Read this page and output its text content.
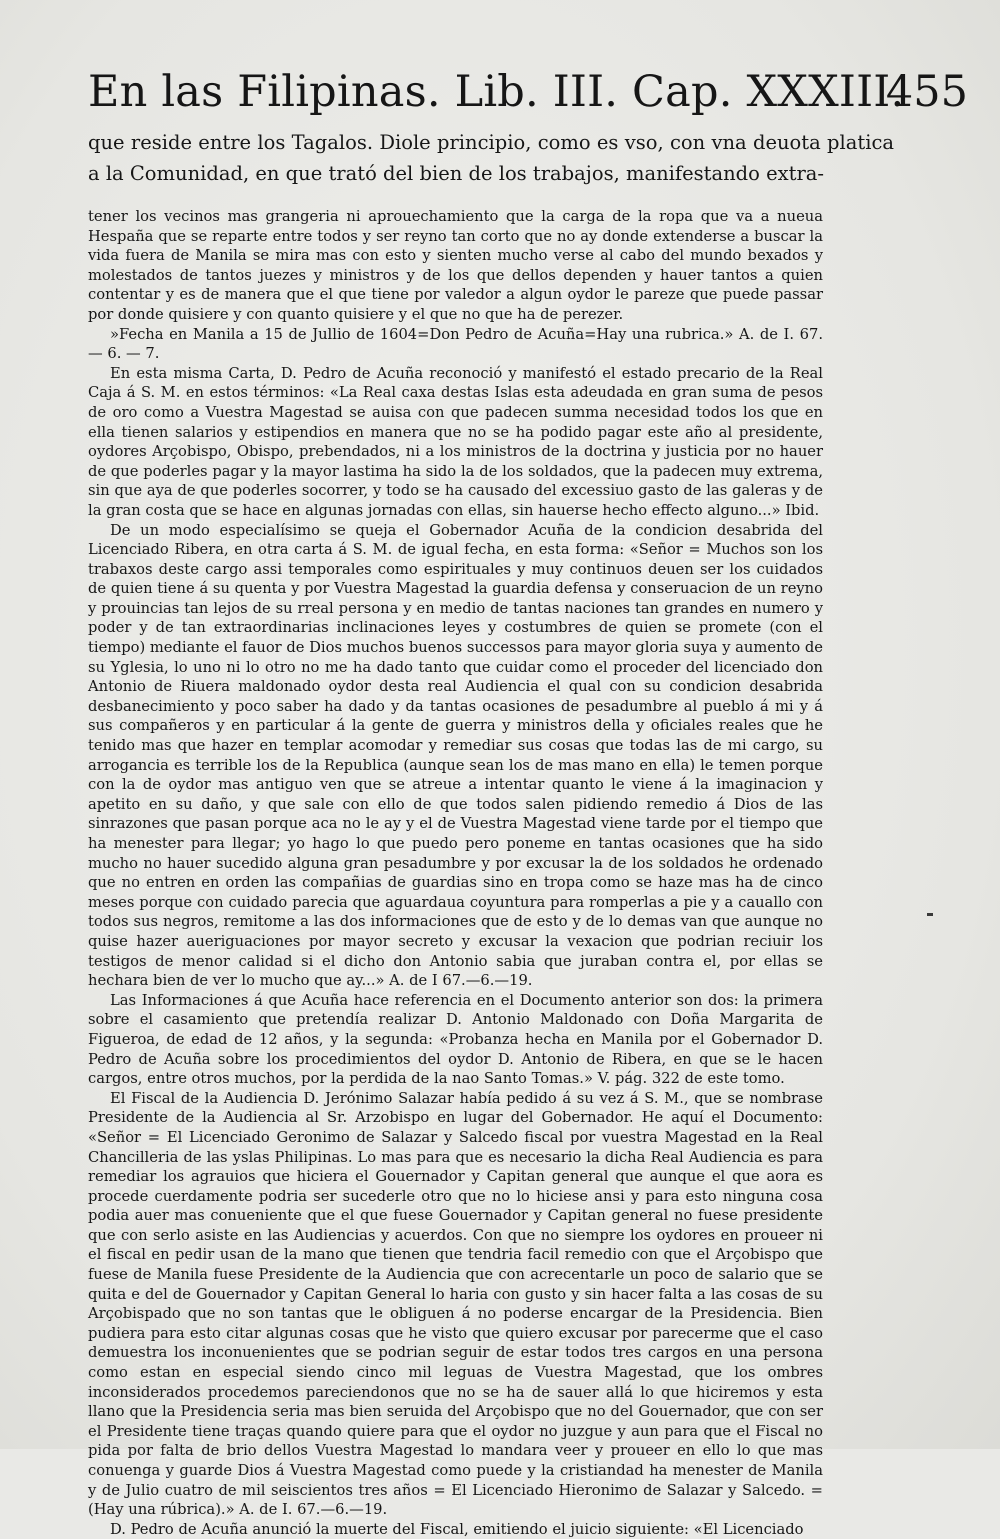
En las Filipinas. Lib. III. Cap. XXXIII.
455
que reside entre los Tagalos. Diole principio, como es vso, con vna deuota platica a la Comunidad, en que trató del bien de los trabajos, manifestando extra-

tener los vecinos mas grangeria ni aprouechamiento que la carga de la ropa que va a nueua Hespaña que se reparte entre todos y ser reyno tan corto que no ay donde extenderse a buscar la vida fuera de Manila se mira mas con esto y sienten mucho verse al cabo del mundo bexados y molestados de tantos juezes y ministros y de los que dellos dependen y hauer tantos a quien contentar y es de manera que el que tiene por valedor a algun oydor le pareze que puede passar por donde quisiere y con quanto quisiere y el que no que ha de perezer.

»Fecha en Manila a 15 de Jullio de 1604=Don Pedro de Acuña=Hay una rubrica.» A. de I. 67. — 6. — 7.

En esta misma Carta, D. Pedro de Acuña reconoció y manifestó el estado precario de la Real Caja á S. M. en estos términos: «La Real caxa destas Islas esta adeudada en gran suma de pesos de oro como a Vuestra Magestad se auisa con que padecen summa necesidad todos los que en ella tienen salarios y estipendios en manera que no se ha podido pagar este año al presidente, oydores Arçobispo, Obispo, prebendados, ni a los ministros de la doctrina y justicia por no hauer de que poderles pagar y la mayor lastima ha sido la de los soldados, que la padecen muy extrema, sin que aya de que poderles socorrer, y todo se ha causado del excessiuo gasto de las galeras y de la gran costa que se hace en algunas jornadas con ellas, sin hauerse hecho effecto alguno...» Ibid.

De un modo especialísimo se queja el Gobernador Acuña de la condicion desabrida del Licenciado Ribera, en otra carta á S. M. de igual fecha, en esta forma: «Señor = Muchos son los trabaxos deste cargo assi temporales como espirituales y muy continuos deuen ser los cuidados de quien tiene á su quenta y por Vuestra Magestad la guardia defensa y conseruacion de un reyno y prouincias tan lejos de su rreal persona y en medio de tantas naciones tan grandes en numero y poder y de tan extraordinarias inclinaciones leyes y costumbres de quien se promete (con el tiempo) mediante el fauor de Dios muchos buenos successos para mayor gloria suya y aumento de su Yglesia, lo uno ni lo otro no me ha dado tanto que cuidar como el proceder del licenciado don Antonio de Riuera maldonado oydor desta real Audiencia el qual con su condicion desabrida desbanecimiento y poco saber ha dado y da tantas ocasiones de pesadumbre al pueblo á mi y á sus compañeros y en particular á la gente de guerra y ministros della y oficiales reales que he tenido mas que hazer en templar acomodar y remediar sus cosas que todas las de mi cargo, su arrogancia es terrible los de la Republica (aunque sean los de mas mano en ella) le temen porque con la de oydor mas antiguo ven que se atreue a intentar quanto le viene á la imaginacion y apetito en su daño, y que sale con ello de que todos salen pidiendo remedio á Dios de las sinrazones que pasan porque aca no le ay y el de Vuestra Magestad viene tarde por el tiempo que ha menester para llegar; yo hago lo que puedo pero poneme en tantas ocasiones que ha sido mucho no hauer sucedido alguna gran pesadumbre y por excusar la de los soldados he ordenado que no entren en orden las compañias de guardias sino en tropa como se haze mas ha de cinco meses porque con cuidado parecia que aguardaua coyuntura para romperlas a pie y a cauallo con todos sus negros, remitome a las dos informaciones que de esto y de lo demas van que aunque no quise hazer aueriguaciones por mayor secreto y excusar la vexacion que podrian reciuir los testigos de menor calidad si el dicho don Antonio sabia que juraban contra el, por ellas se hechara bien de ver lo mucho que ay...» A. de I 67.—6.—19.

Las Informaciones á que Acuña hace referencia en el Documento anterior son dos: la primera sobre el casamiento que pretendía realizar D. Antonio Maldonado con Doña Margarita de Figueroa, de edad de 12 años, y la segunda: «Probanza hecha en Manila por el Gobernador D. Pedro de Acuña sobre los procedimientos del oydor D. Antonio de Ribera, en que se le hacen cargos, entre otros muchos, por la perdida de la nao Santo Tomas.» V. pág. 322 de este tomo.

El Fiscal de la Audiencia D. Jerónimo Salazar había pedido á su vez á S. M., que se nombrase Presidente de la Audiencia al Sr. Arzobispo en lugar del Gobernador. He aquí el Documento: «Señor = El Licenciado Geronimo de Salazar y Salcedo fiscal por vuestra Magestad en la Real Chancilleria de las yslas Philipinas. Lo mas para que es necesario la dicha Real Audiencia es para remediar los agrauios que hiciera el Gouernador y Capitan general que aunque el que aora es procede cuerdamente podria ser sucederle otro que no lo hiciese ansi y para esto ninguna cosa podia auer mas conueniente que el que fuese Gouernador y Capitan general no fuese presidente que con serlo asiste en las Audiencias y acuerdos. Con que no siempre los oydores en proueer ni el fiscal en pedir usan de la mano que tienen que tendria facil remedio con que el Arçobispo que fuese de Manila fuese Presidente de la Audiencia que con acrecentarle un poco de salario que se quita e del de Gouernador y Capitan General lo haria con gusto y sin hacer falta a las cosas de su Arçobispado que no son tantas que le obliguen á no poderse encargar de la Presidencia. Bien pudiera para esto citar algunas cosas que he visto que quiero excusar por parecerme que el caso demuestra los inconuenientes que se podrian seguir de estar todos tres cargos en una persona como estan en especial siendo cinco mil leguas de Vuestra Magestad, que los ombres inconsiderados procedemos pareciendonos que no se ha de sauer allá lo que hiciremos y esta llano que la Presidencia seria mas bien seruida del Arçobispo que no del Gouernador, que con ser el Presidente tiene traças quando quiere para que el oydor no juzgue y aun para que el Fiscal no pida por falta de brio dellos Vuestra Magestad lo mandara veer y proueer en ello lo que mas conuenga y guarde Dios á Vuestra Magestad como puede y la cristiandad ha menester de Manila y de Julio cuatro de mil seiscientos tres años = El Licenciado Hieronimo de Salazar y Salcedo. = (Hay una rúbrica).» A. de I. 67.—6.—19.

D. Pedro de Acuña anunció la muerte del Fiscal, emitiendo el juicio siguiente: «El Licenciado
